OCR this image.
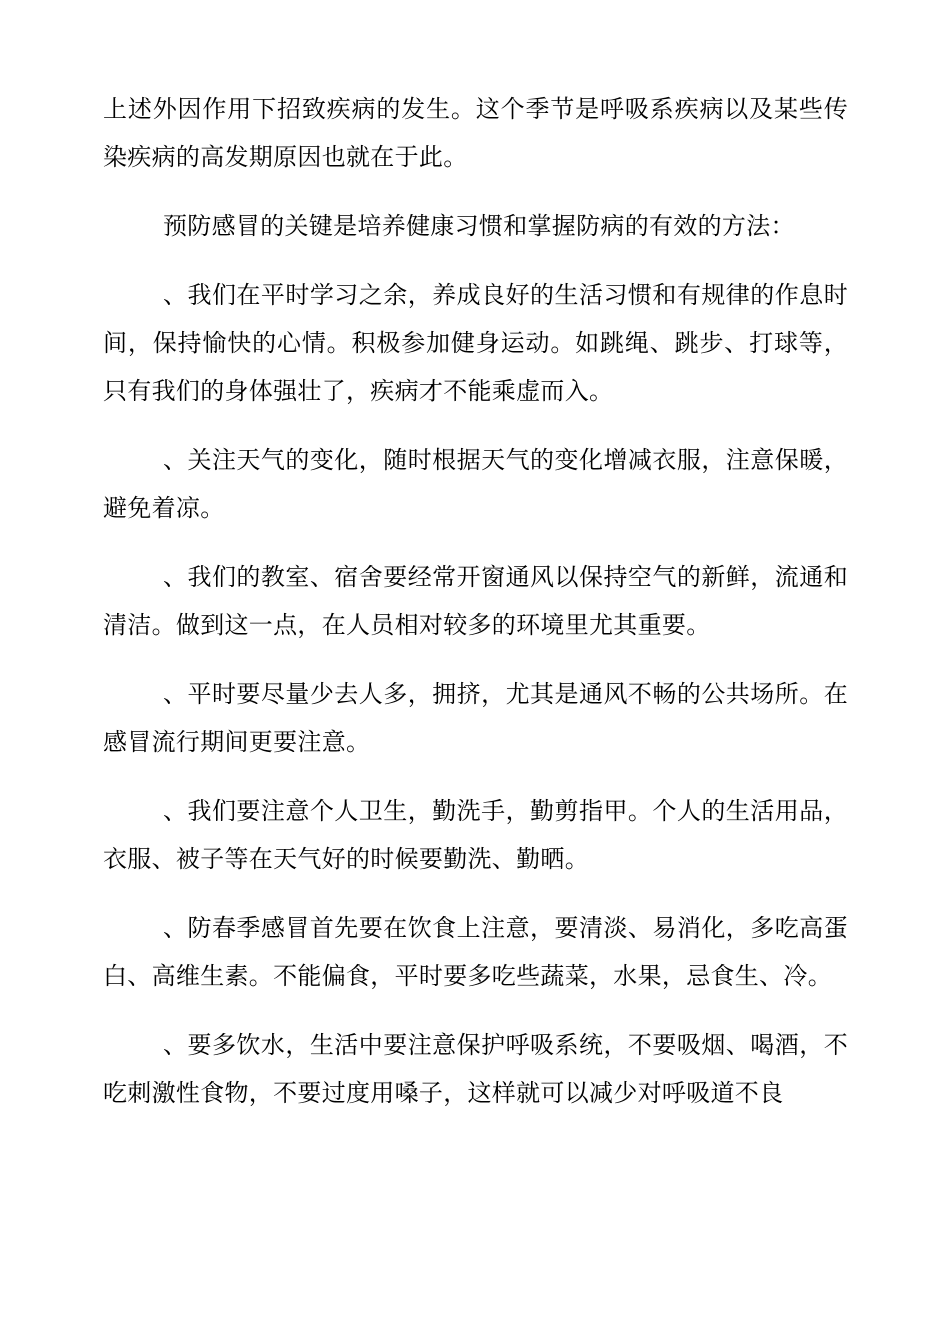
上述外因作用下招致疾病的发生。这个季节是呼吸系疾病以及某些传染疾病的高发期原因也就在于此。

预防感冒的关键是培养健康习惯和掌握防病的有效的方法：

、我们在平时学习之余，养成良好的生活习惯和有规律的作息时间，保持愉快的心情。积极参加健身运动。如跳绳、跳步、打球等，只有我们的身体强壮了，疾病才不能乘虚而入。

、关注天气的变化，随时根据天气的变化增减衣服，注意保暖，避免着凉。

、我们的教室、宿舍要经常开窗通风以保持空气的新鲜，流通和清洁。做到这一点，在人员相对较多的环境里尤其重要。

、平时要尽量少去人多，拥挤，尤其是通风不畅的公共场所。在感冒流行期间更要注意。

、我们要注意个人卫生，勤洗手，勤剪指甲。个人的生活用品，衣服、被子等在天气好的时候要勤洗、勤晒。

、防春季感冒首先要在饮食上注意，要清淡、易消化，多吃高蛋白、高维生素。不能偏食，平时要多吃些蔬菜，水果，忌食生、冷。

、要多饮水，生活中要注意保护呼吸系统，不要吸烟、喝酒，不吃刺激性食物，不要过度用嗓子，这样就可以减少对呼吸道不良
